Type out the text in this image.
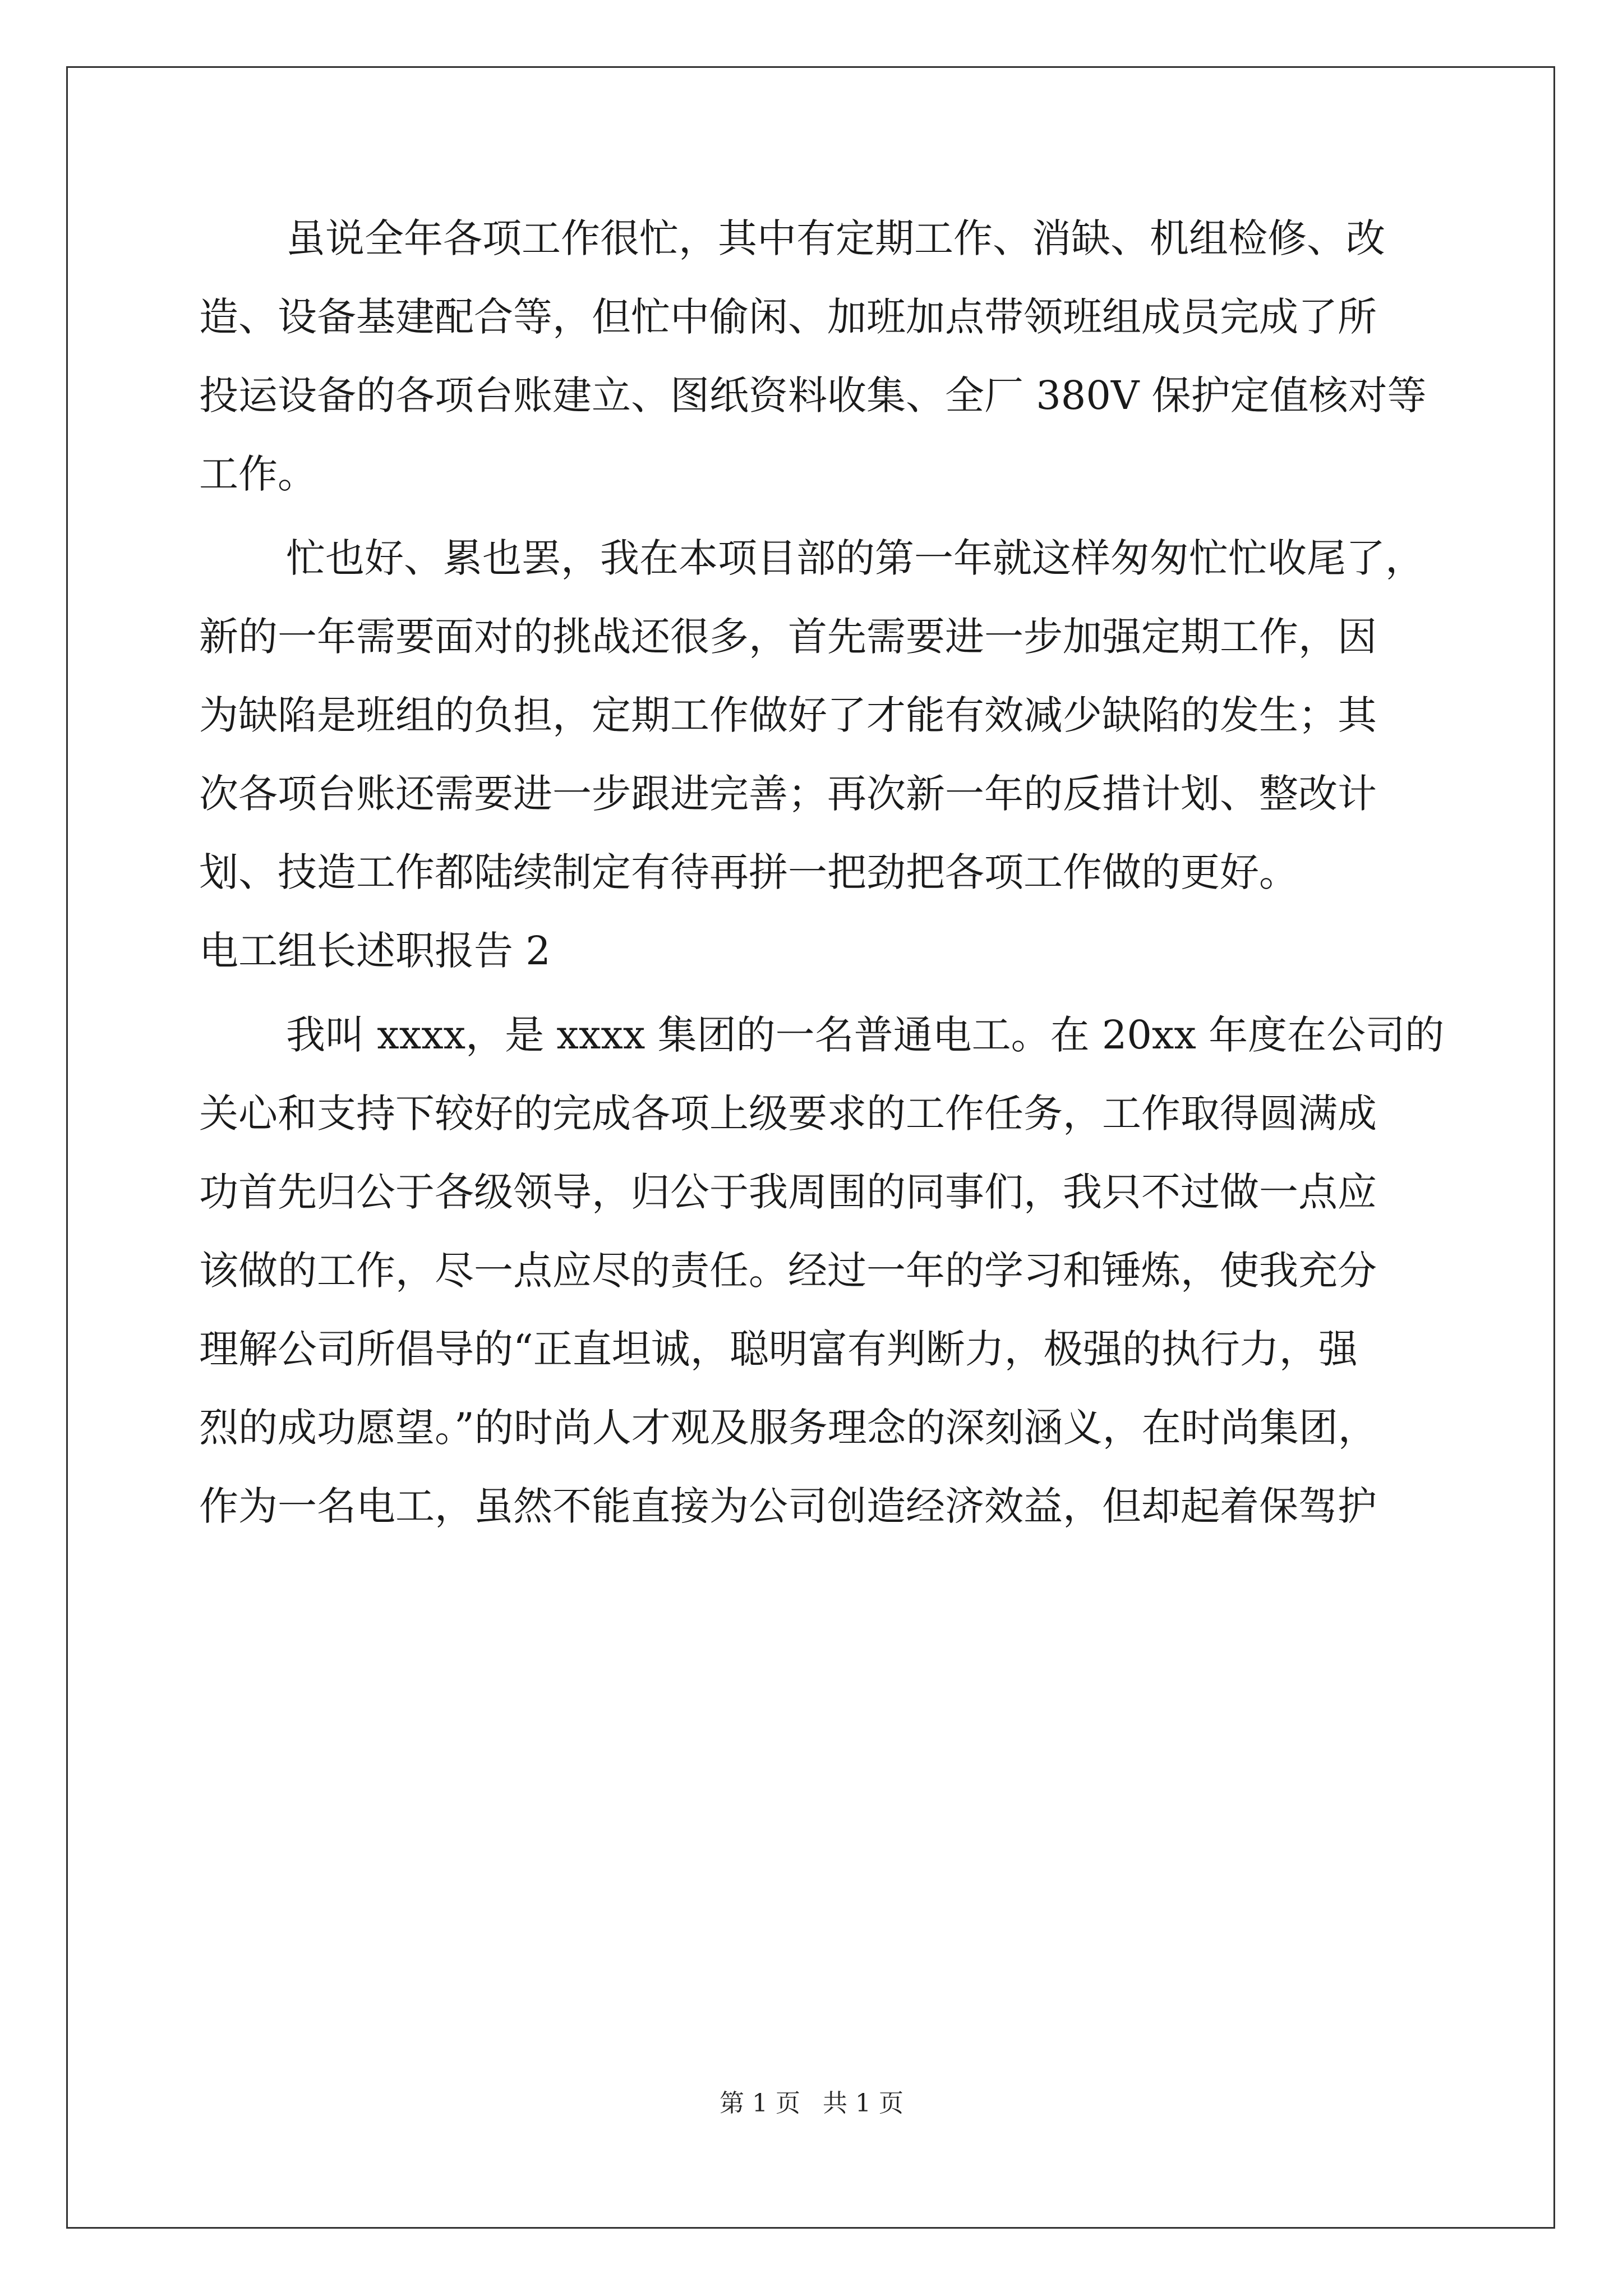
虽说全年各项工作很忙，其中有定期工作、消缺、机组检修、改
造、设备基建配合等，但忙中偷闲、加班加点带领班组成员完成了所
投运设备的各项台账建立、图纸资料收集、全厂 380V 保护定值核对等
工作。
忙也好、累也罢，我在本项目部的第一年就这样匆匆忙忙收尾了，
新的一年需要面对的挑战还很多，首先需要进一步加强定期工作，因
为缺陷是班组的负担，定期工作做好了才能有效减少缺陷的发生；其
次各项台账还需要进一步跟进完善；再次新一年的反措计划、整改计
划、技造工作都陆续制定有待再拼一把劲把各项工作做的更好。
电工组长述职报告 2
我叫 xxxx，是 xxxx 集团的一名普通电工。在 20xx 年度在公司的
关心和支持下较好的完成各项上级要求的工作任务，工作取得圆满成
功首先归公于各级领导，归公于我周围的同事们，我只不过做一点应
该做的工作，尽一点应尽的责任。经过一年的学习和锤炼，使我充分
理解公司所倡导的“正直坦诚，聪明富有判断力，极强的执行力，强
烈的成功愿望。”的时尚人才观及服务理念的深刻涵义，在时尚集团，
作为一名电工，虽然不能直接为公司创造经济效益，但却起着保驾护
第 1 页 共 1 页
